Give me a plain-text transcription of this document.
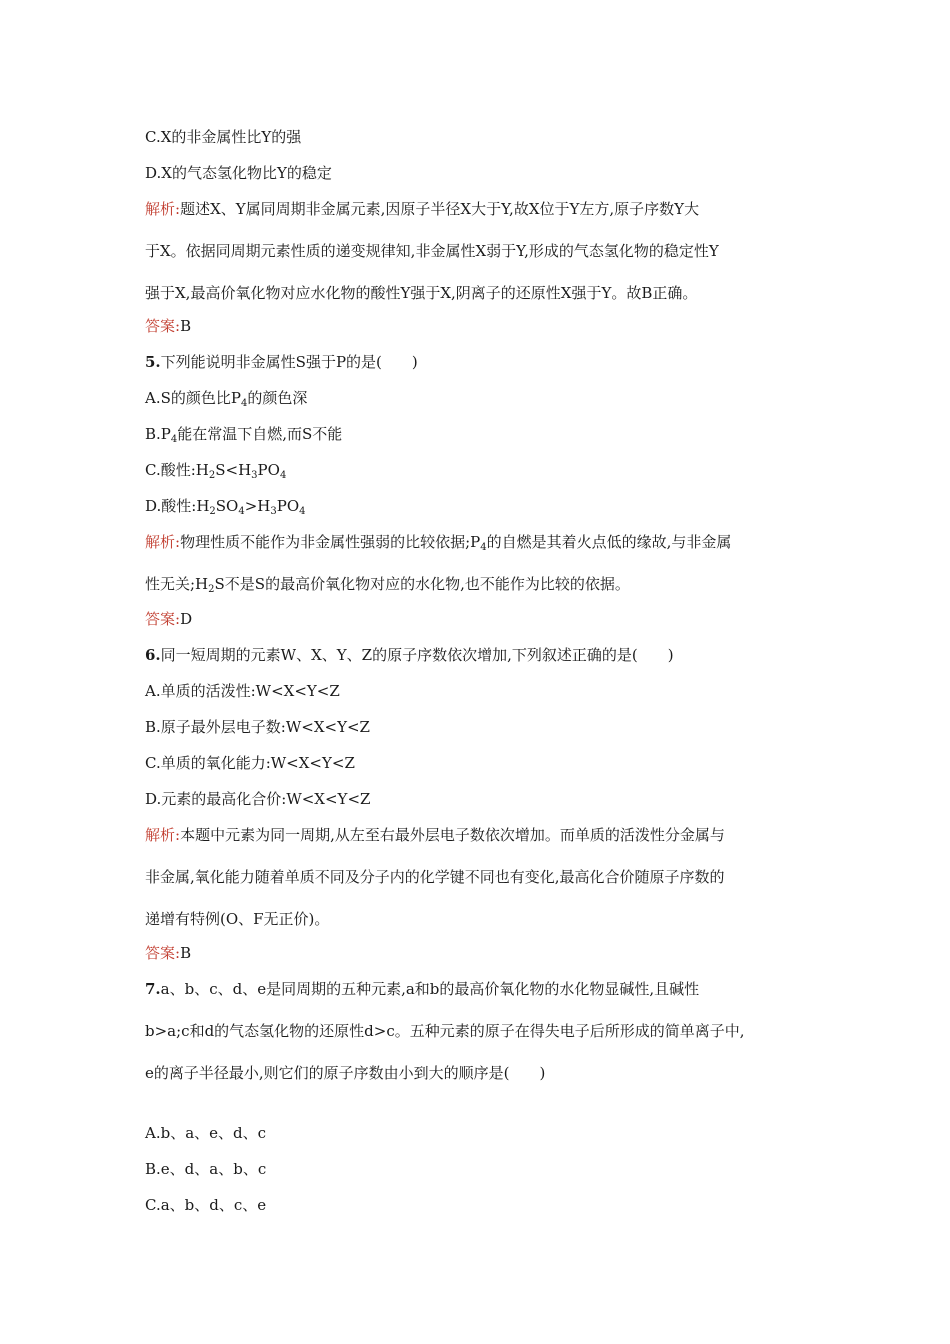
C.X的非金属性比Y的强
D.X的气态氢化物比Y的稳定
解析:题述X、Y属同周期非金属元素,因原子半径X大于Y,故X位于Y左方,原子序数Y大
于X。依据同周期元素性质的递变规律知,非金属性X弱于Y,形成的气态氢化物的稳定性Y
强于X,最高价氧化物对应水化物的酸性Y强于X,阴离子的还原性X强于Y。故B正确。
答案:B
5.下列能说明非金属性S强于P的是(　　)
A.S的颜色比$P_4$的颜色深
$B.P_4$能在常温下自燃,而S不能
C.酸性$:H_2S<H_3PO_4$
D.酸性$:H_2SO_4>H_3PO_4$
解析:物理性质不能作为非金属性强弱的比较依据$;P_4$的自燃是其着火点低的缘故,与非金属
性无关$;H_2S$不是S的最高价氧化物对应的水化物,也不能作为比较的依据。
答案:D
6.同一短周期的元素W、X、Y、Z的原子序数依次增加,下列叙述正确的是(　　)
A.单质的活泼性:W<X<Y<Z
B.原子最外层电子数:W<X<Y<Z
C.单质的氧化能力:W<X<Y<Z
D.元素的最高化合价:W<X<Y<Z
解析:本题中元素为同一周期,从左至右最外层电子数依次增加。而单质的活泼性分金属与
非金属,氧化能力随着单质不同及分子内的化学键不同也有变化,最高化合价随原子序数的
递增有特例(O、F无正价)。
答案:B
7.a、b、c、d、e是同周期的五种元素,a和b的最高价氧化物的水化物显碱性,且碱性
b>a;c和d的气态氢化物的还原性d>c。五种元素的原子在得失电子后所形成的简单离子中,
e的离子半径最小,则它们的原子序数由小到大的顺序是(　　)
A.b、a、e、d、c
B.e、d、a、b、c
C.a、b、d、c、e
